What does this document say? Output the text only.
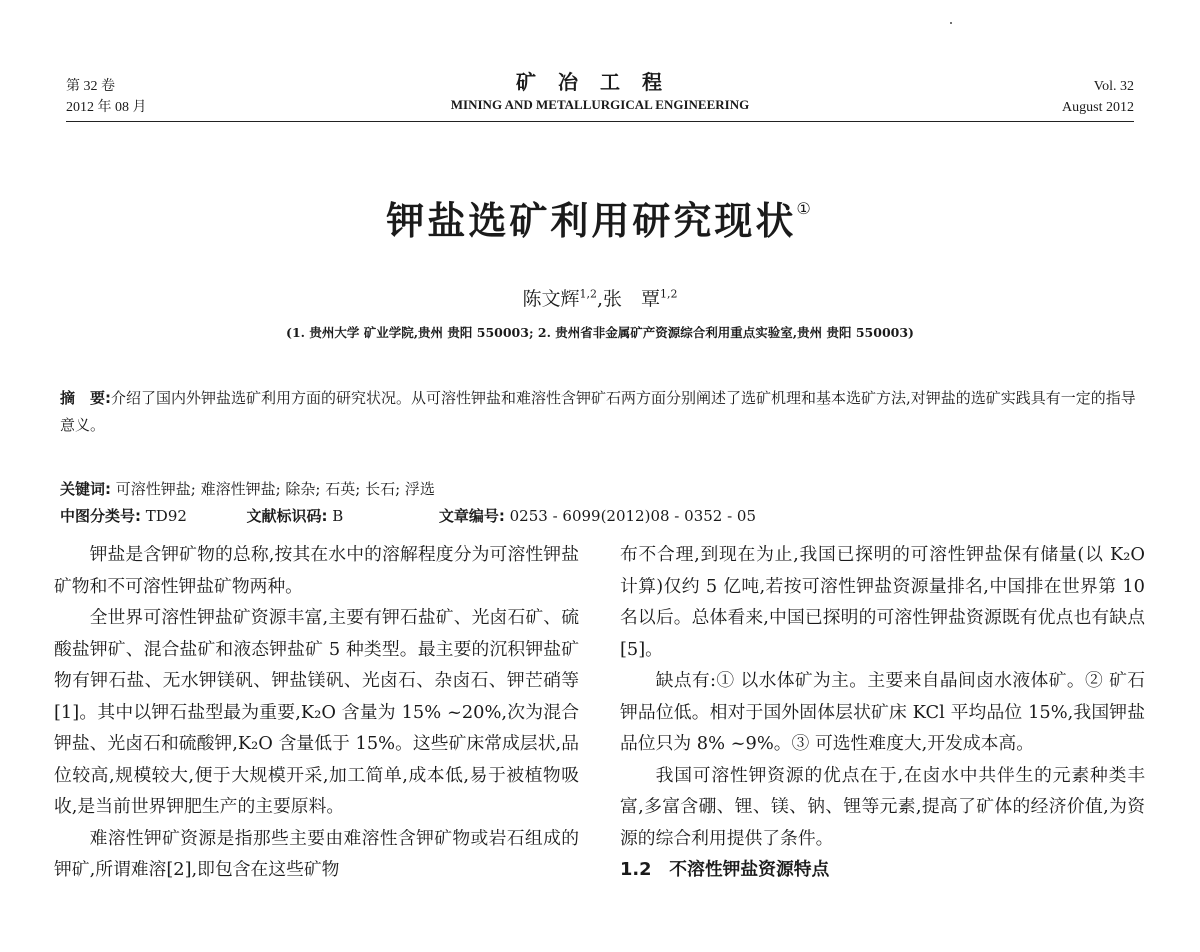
第 32 卷
2012 年 08 月
矿冶工程
MINING AND METALLURGICAL ENGINEERING
Vol. 32
August 2012
钾盐选矿利用研究现状①
陈文辉$^{1,2}$,张　覃$^{1,2}$
(1. 贵州大学 矿业学院,贵州 贵阳 550003; 2. 贵州省非金属矿产资源综合利用重点实验室,贵州 贵阳 550003)
摘　要:介绍了国内外钾盐选矿利用方面的研究状况。从可溶性钾盐和难溶性含钾矿石两方面分别阐述了选矿机理和基本选矿方法,对钾盐的选矿实践具有一定的指导意义。
关键词: 可溶性钾盐; 难溶性钾盐; 除杂; 石英; 长石; 浮选
中图分类号: TD92	文献标识码: B	文章编号: 0253 - 6099(2012)08 - 0352 - 05

钾盐是含钾矿物的总称,按其在水中的溶解程度分为可溶性钾盐矿物和不可溶性钾盐矿物两种。

全世界可溶性钾盐矿资源丰富,主要有钾石盐矿、光卤石矿、硫酸盐钾矿、混合盐矿和液态钾盐矿 5 种类型。最主要的沉积钾盐矿物有钾石盐、无水钾镁矾、钾盐镁矾、光卤石、杂卤石、钾芒硝等[1]。其中以钾石盐型最为重要,K₂O 含量为 15% ~20%,次为混合钾盐、光卤石和硫酸钾,K₂O 含量低于 15%。这些矿床常成层状,品位较高,规模较大,便于大规模开采,加工简单,成本低,易于被植物吸收,是当前世界钾肥生产的主要原料。

难溶性钾矿资源是指那些主要由难溶性含钾矿物或岩石组成的钾矿,所谓难溶[2],即包含在这些矿物

布不合理,到现在为止,我国已探明的可溶性钾盐保有储量(以 K₂O 计算)仅约 5 亿吨,若按可溶性钾盐资源量排名,中国排在世界第 10 名以后。总体看来,中国已探明的可溶性钾盐资源既有优点也有缺点[5]。

缺点有:① 以水体矿为主。主要来自晶间卤水液体矿。② 矿石钾品位低。相对于国外固体层状矿床 KCl 平均品位 15%,我国钾盐品位只为 8% ~9%。③ 可选性难度大,开发成本高。

我国可溶性钾资源的优点在于,在卤水中共伴生的元素种类丰富,多富含硼、锂、镁、钠、锂等元素,提高了矿体的经济价值,为资源的综合利用提供了条件。

1.2　不溶性钾盐资源特点
